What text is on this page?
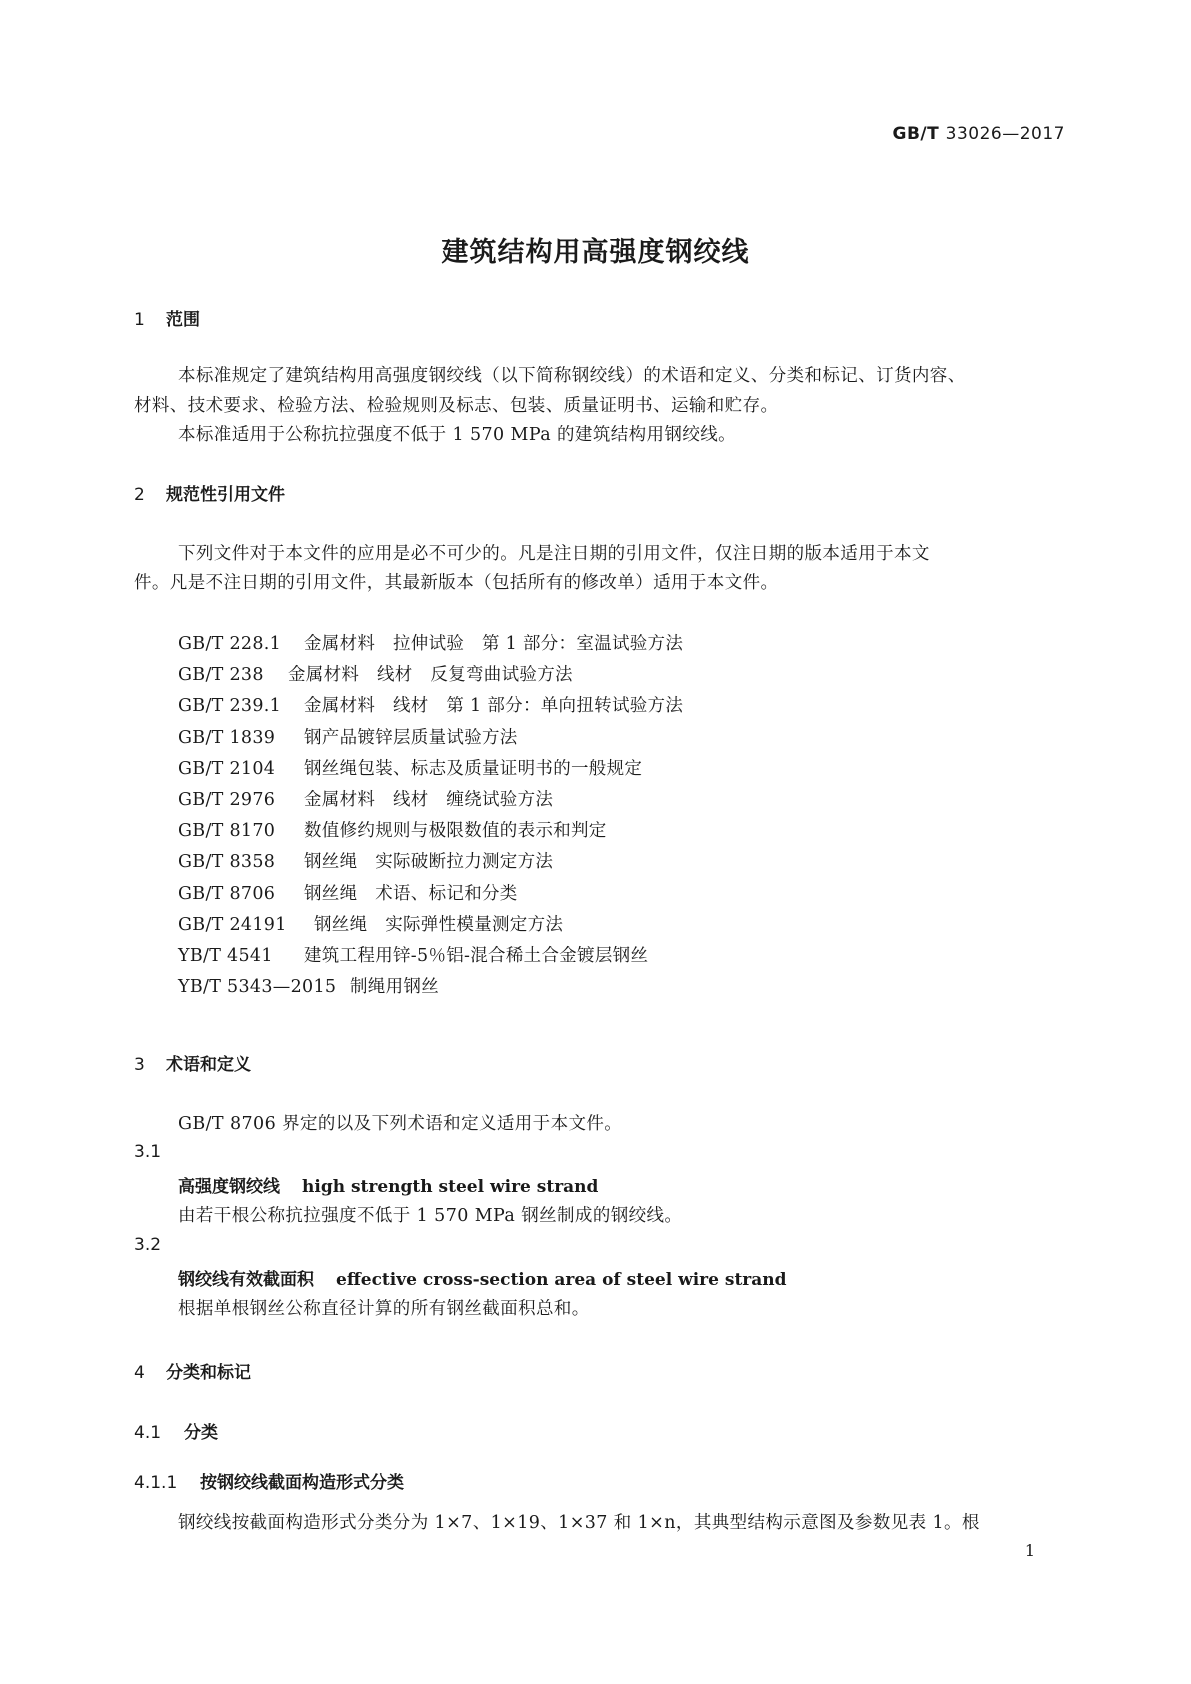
GB/T 33026—2017
建筑结构用高强度钢绞线
1 范围
本标准规定了建筑结构用高强度钢绞线（以下简称钢绞线）的术语和定义、分类和标记、订货内容、
材料、技术要求、检验方法、检验规则及标志、包装、质量证明书、运输和贮存。
本标准适用于公称抗拉强度不低于 1 570 MPa 的建筑结构用钢绞线。
2 规范性引用文件
下列文件对于本文件的应用是必不可少的。凡是注日期的引用文件，仅注日期的版本适用于本文
件。凡是不注日期的引用文件，其最新版本（包括所有的修改单）适用于本文件。
GB/T 228.1 金属材料　拉伸试验　第 1 部分：室温试验方法
GB/T 238 金属材料　线材　反复弯曲试验方法
GB/T 239.1 金属材料　线材　第 1 部分：单向扭转试验方法
GB/T 1839 钢产品镀锌层质量试验方法
GB/T 2104 钢丝绳包装、标志及质量证明书的一般规定
GB/T 2976 金属材料　线材　缠绕试验方法
GB/T 8170 数值修约规则与极限数值的表示和判定
GB/T 8358 钢丝绳　实际破断拉力测定方法
GB/T 8706 钢丝绳　术语、标记和分类
GB/T 24191 钢丝绳　实际弹性模量测定方法
YB/T 4541 建筑工程用锌-5％铝-混合稀土合金镀层钢丝
YB/T 5343—2015 制绳用钢丝
3 术语和定义
GB/T 8706 界定的以及下列术语和定义适用于本文件。
3.1
高强度钢绞线 high strength steel wire strand
由若干根公称抗拉强度不低于 1 570 MPa 钢丝制成的钢绞线。
3.2
钢绞线有效截面积 effective cross-section area of steel wire strand
根据单根钢丝公称直径计算的所有钢丝截面积总和。
4 分类和标记
4.1 分类
4.1.1 按钢绞线截面构造形式分类
钢绞线按截面构造形式分类分为 1×7、1×19、1×37 和 1×n，其典型结构示意图及参数见表 1。根
1
